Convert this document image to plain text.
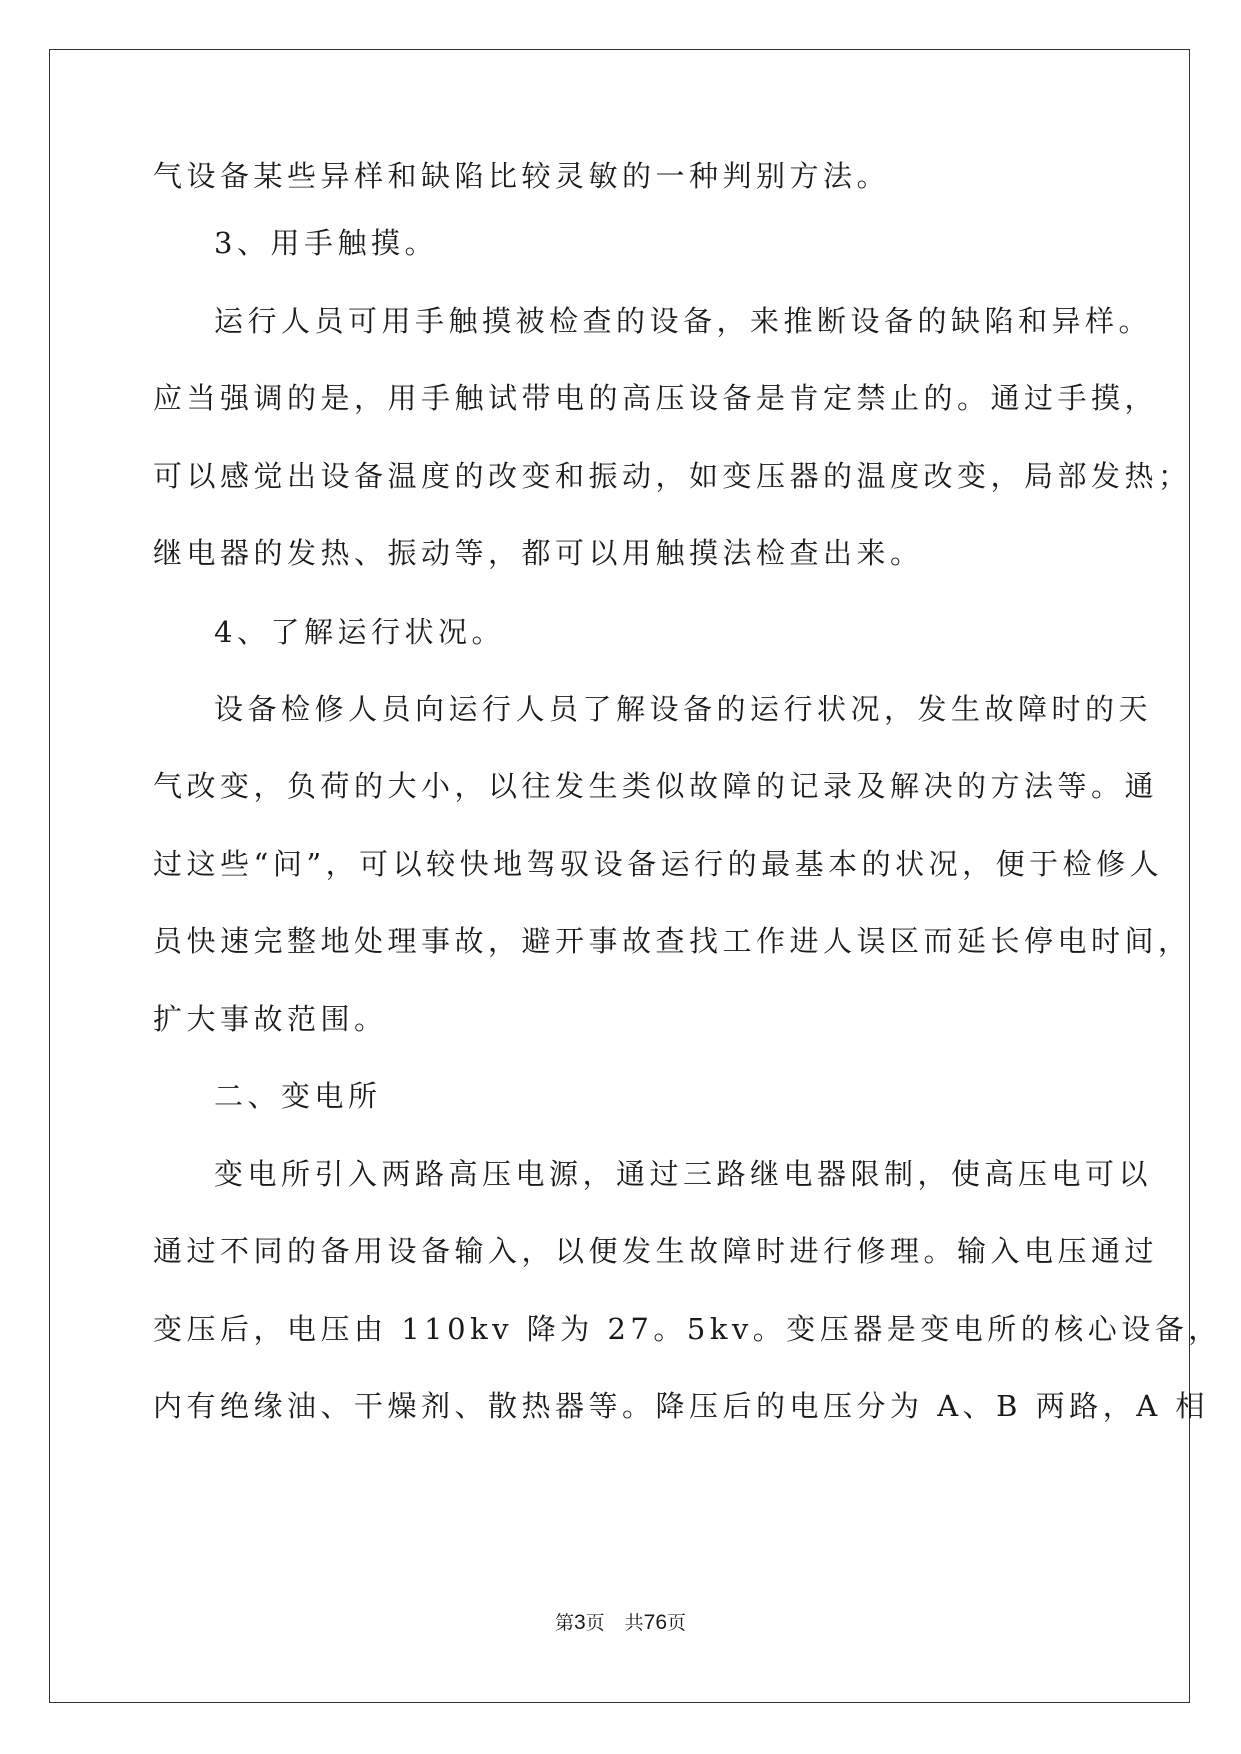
气设备某些异样和缺陷比较灵敏的一种判别方法。
3、用手触摸。
运行人员可用手触摸被检查的设备，来推断设备的缺陷和异样。
应当强调的是，用手触试带电的高压设备是肯定禁止的。通过手摸，
可以感觉出设备温度的改变和振动，如变压器的温度改变，局部发热；
继电器的发热、振动等，都可以用触摸法检查出来。
4、了解运行状况。
设备检修人员向运行人员了解设备的运行状况，发生故障时的天
气改变，负荷的大小，以往发生类似故障的记录及解决的方法等。通
过这些“问”，可以较快地驾驭设备运行的最基本的状况，便于检修人
员快速完整地处理事故，避开事故查找工作进人误区而延长停电时间，
扩大事故范围。
二、变电所
变电所引入两路高压电源，通过三路继电器限制，使高压电可以
通过不同的备用设备输入，以便发生故障时进行修理。输入电压通过
变压后，电压由 110kv 降为 27。5kv。变压器是变电所的核心设备，
内有绝缘油、干燥剂、散热器等。降压后的电压分为 A、B 两路，A 相
第3页 共76页
